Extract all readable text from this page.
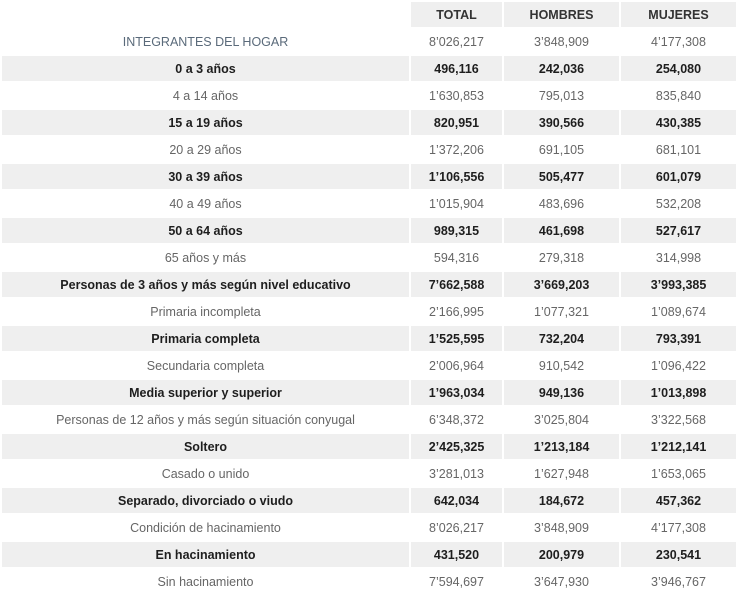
	TOTAL	HOMBRES	MUJERES
INTEGRANTES DEL HOGAR	8’026,217	3’848,909	4’177,308
0 a 3 años	496,116	242,036	254,080
4 a 14 años	1’630,853	795,013	835,840
15 a 19 años	820,951	390,566	430,385
20 a 29 años	1’372,206	691,105	681,101
30 a 39 años	1’106,556	505,477	601,079
40 a 49 años	1’015,904	483,696	532,208
50 a 64 años	989,315	461,698	527,617
65 años y más	594,316	279,318	314,998
Personas de 3 años y más según nivel educativo	7’662,588	3’669,203	3’993,385
Primaria incompleta	2’166,995	1’077,321	1’089,674
Primaria completa	1’525,595	732,204	793,391
Secundaria completa	2’006,964	910,542	1’096,422
Media superior y superior	1’963,034	949,136	1’013,898
Personas de 12 años y más según situación conyugal	6’348,372	3’025,804	3’322,568
Soltero	2’425,325	1’213,184	1’212,141
Casado o unido	3’281,013	1’627,948	1’653,065
Separado, divorciado o viudo	642,034	184,672	457,362
Condición de hacinamiento	8’026,217	3’848,909	4’177,308
En hacinamiento	431,520	200,979	230,541
Sin hacinamiento	7’594,697	3’647,930	3’946,767
